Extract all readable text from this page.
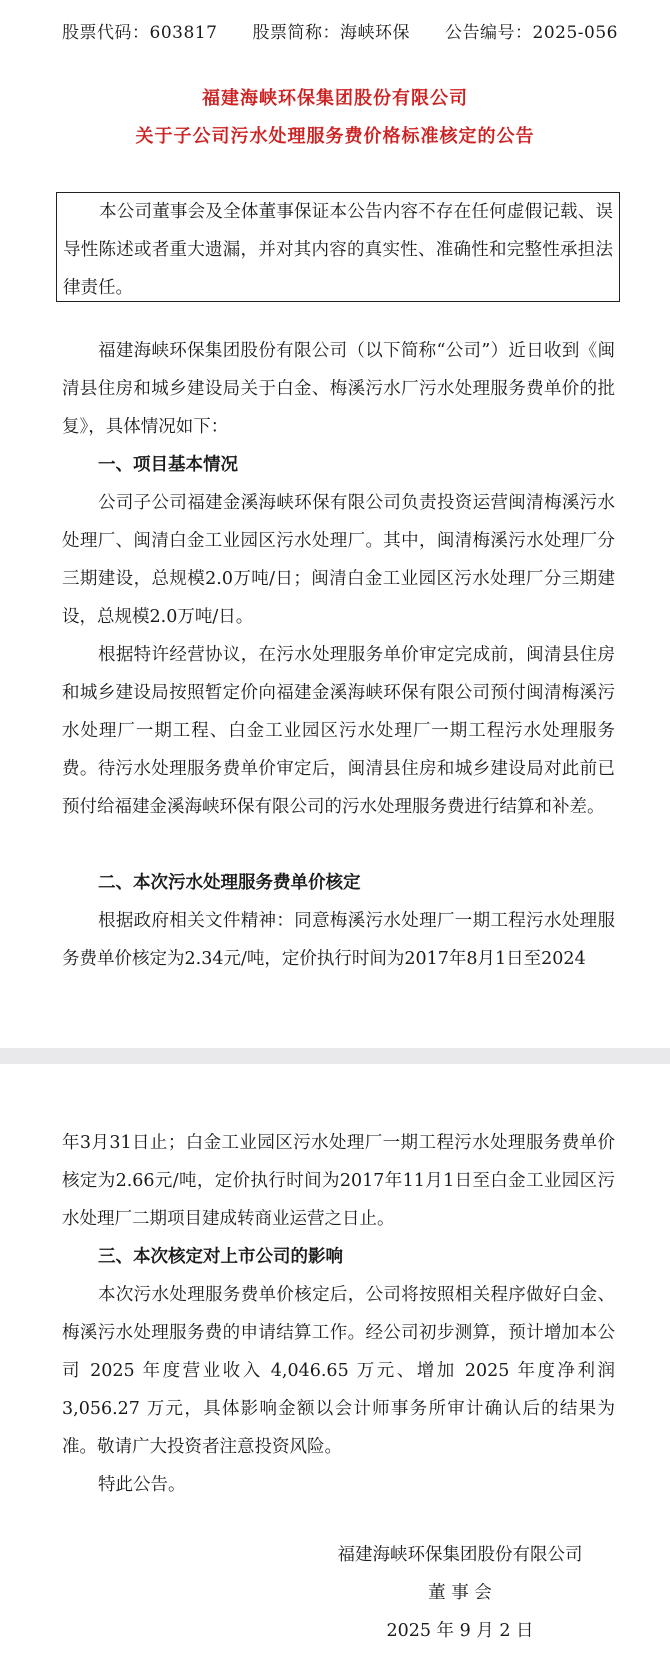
股票代码：603817 股票简称：海峡环保 公告编号：2025-056
福建海峡环保集团股份有限公司
关于子公司污水处理服务费价格标准核定的公告

本公司董事会及全体董事保证本公告内容不存在任何虚假记载、误导性陈述或者重大遗漏，并对其内容的真实性、准确性和完整性承担法律责任。

福建海峡环保集团股份有限公司（以下简称“公司”）近日收到《闽清县住房和城乡建设局关于白金、梅溪污水厂污水处理服务费单价的批复》，具体情况如下：

一、项目基本情况

公司子公司福建金溪海峡环保有限公司负责投资运营闽清梅溪污水处理厂、闽清白金工业园区污水处理厂。其中，闽清梅溪污水处理厂分三期建设，总规模2.0万吨/日；闽清白金工业园区污水处理厂分三期建设，总规模2.0万吨/日。

根据特许经营协议，在污水处理服务单价审定完成前，闽清县住房和城乡建设局按照暂定价向福建金溪海峡环保有限公司预付闽清梅溪污水处理厂一期工程、白金工业园区污水处理厂一期工程污水处理服务费。待污水处理服务费单价审定后，闽清县住房和城乡建设局对此前已预付给福建金溪海峡环保有限公司的污水处理服务费进行结算和补差。

二、本次污水处理服务费单价核定

根据政府相关文件精神：同意梅溪污水处理厂一期工程污水处理服务费单价核定为2.34元/吨，定价执行时间为2017年8月1日至2024

年3月31日止；白金工业园区污水处理厂一期工程污水处理服务费单价核定为2.66元/吨，定价执行时间为2017年11月1日至白金工业园区污水处理厂二期项目建成转商业运营之日止。

三、本次核定对上市公司的影响

本次污水处理服务费单价核定后，公司将按照相关程序做好白金、梅溪污水处理服务费的申请结算工作。经公司初步测算，预计增加本公司 2025 年度营业收入 4,046.65 万元、增加 2025 年度净利润 3,056.27 万元，具体影响金额以会计师事务所审计确认后的结果为准。敬请广大投资者注意投资风险。

特此公告。

福建海峡环保集团股份有限公司
董 事 会
2025 年 9 月 2 日
